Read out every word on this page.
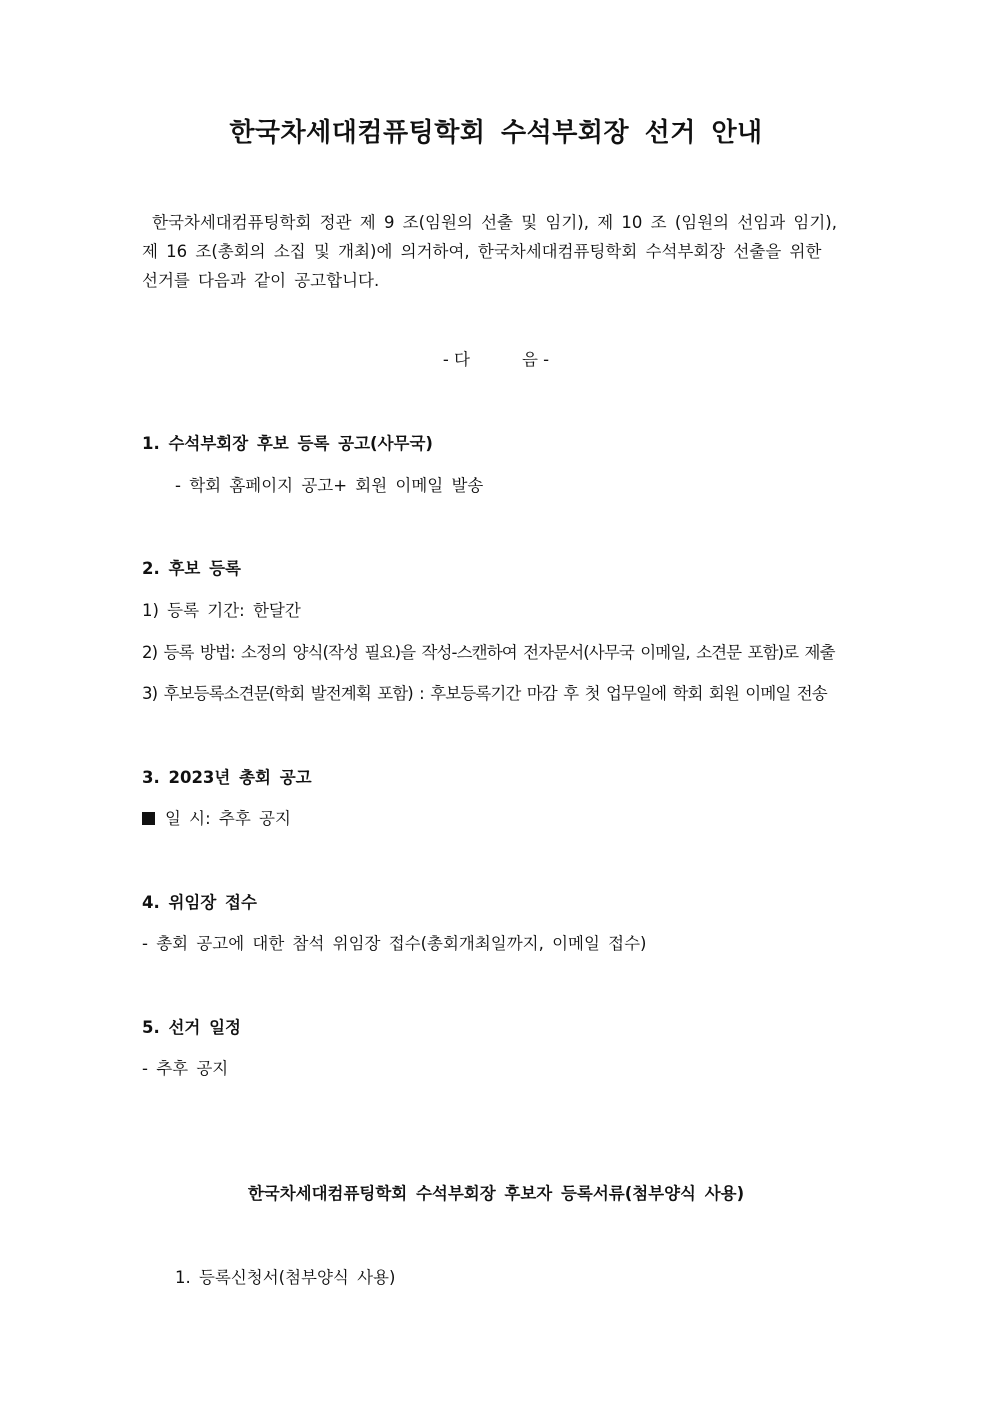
한국차세대컴퓨팅학회 수석부회장 선거 안내
한국차세대컴퓨팅학회 정관 제 9 조(임원의 선출 및 임기), 제 10 조 (임원의 선임과 임기),
제 16 조(총회의 소집 및 개최)에 의거하여, 한국차세대컴퓨팅학회 수석부회장 선출을 위한
선거를 다음과 같이 공고합니다.
- 다	음 -
1. 수석부회장 후보 등록 공고(사무국)
- 학회 홈페이지 공고+ 회원 이메일 발송
2. 후보 등록
1) 등록 기간: 한달간
2) 등록 방법: 소정의 양식(작성 필요)을 작성-스캔하여 전자문서(사무국 이메일, 소견문 포함)로 제출
3) 후보등록소견문(학회 발전계획 포함) : 후보등록기간 마감 후 첫 업무일에 학회 회원 이메일 전송
3. 2023년 총회 공고
일 시: 추후 공지
4. 위임장 접수
- 총회 공고에 대한 참석 위임장 접수(총회개최일까지, 이메일 접수)
5. 선거 일정
- 추후 공지
한국차세대컴퓨팅학회 수석부회장 후보자 등록서류(첨부양식 사용)
1. 등록신청서(첨부양식 사용)
